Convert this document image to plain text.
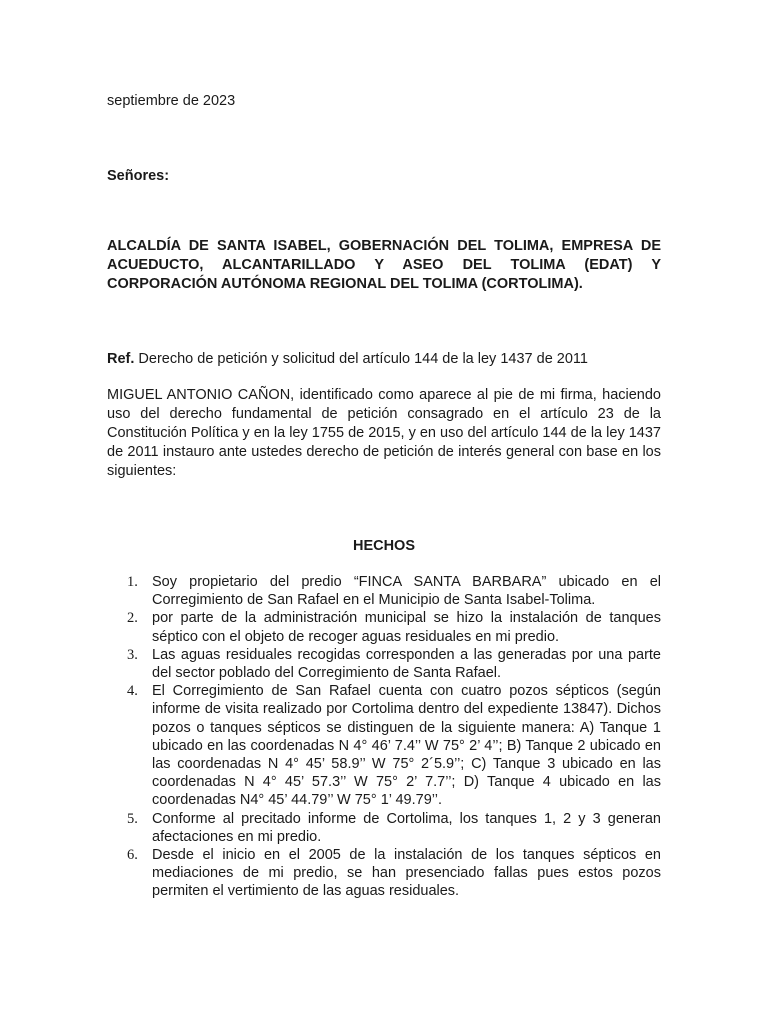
septiembre de 2023
Señores:
ALCALDÍA DE SANTA ISABEL, GOBERNACIÓN DEL TOLIMA, EMPRESA DE ACUEDUCTO, ALCANTARILLADO Y ASEO DEL TOLIMA (EDAT) Y CORPORACIÓN AUTÓNOMA REGIONAL DEL TOLIMA (CORTOLIMA).
Ref. Derecho de petición y solicitud del artículo 144 de la ley 1437 de 2011
MIGUEL ANTONIO CAÑON, identificado como aparece al pie de mi firma, haciendo uso del derecho fundamental de petición consagrado en el artículo 23 de la Constitución Política y en la ley 1755 de 2015, y en uso del artículo 144 de la ley 1437 de 2011 instauro ante ustedes derecho de petición de interés general con base en los siguientes:
HECHOS
1. Soy propietario del predio “FINCA SANTA BARBARA” ubicado en el Corregimiento de San Rafael en el Municipio de Santa Isabel-Tolima.
2. por parte de la administración municipal se hizo la instalación de tanques séptico con el objeto de recoger aguas residuales en mi predio.
3. Las aguas residuales recogidas corresponden a las generadas por una parte del sector poblado del Corregimiento de Santa Rafael.
4. El Corregimiento de San Rafael cuenta con cuatro pozos sépticos (según informe de visita realizado por Cortolima dentro del expediente 13847). Dichos pozos o tanques sépticos se distinguen de la siguiente manera: A) Tanque 1 ubicado en las coordenadas N 4° 46’ 7.4’’ W 75° 2’ 4’’; B) Tanque 2 ubicado en las coordenadas N 4° 45’ 58.9’’ W 75° 2´5.9’’; C) Tanque 3 ubicado en las coordenadas N 4° 45’ 57.3’’ W 75° 2’ 7.7’’; D) Tanque 4 ubicado en las coordenadas N4° 45’ 44.79’’ W 75° 1’ 49.79’’.
5. Conforme al precitado informe de Cortolima, los tanques 1, 2 y 3 generan afectaciones en mi predio.
6. Desde el inicio en el 2005 de la instalación de los tanques sépticos en mediaciones de mi predio, se han presenciado fallas pues estos pozos permiten el vertimiento de las aguas residuales.
